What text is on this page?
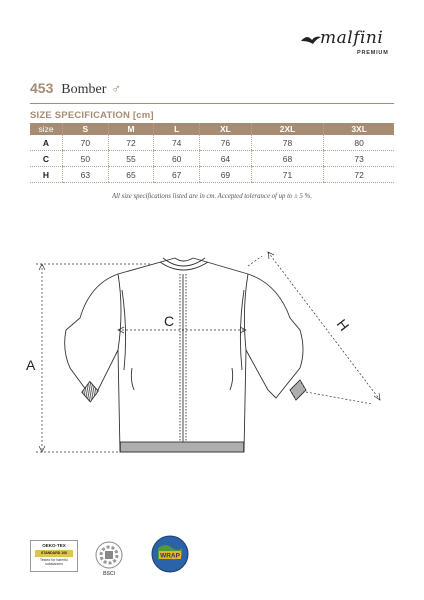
malfini
PREMIUM
453 Bomber ♂
SIZE SPECIFICATION [cm]
size	S	M	L	XL	2XL	3XL
A	70	72	74	76	78	80
C	50	55	60	64	68	73
H	63	65	67	69	71	72
All size specifications listed are in cm. Accepted tolerance of up to ± 5 %.
A
C	H
OEKO-TEX
STANDARD 100
Tested for harmful substances
BSCI
WRAP
